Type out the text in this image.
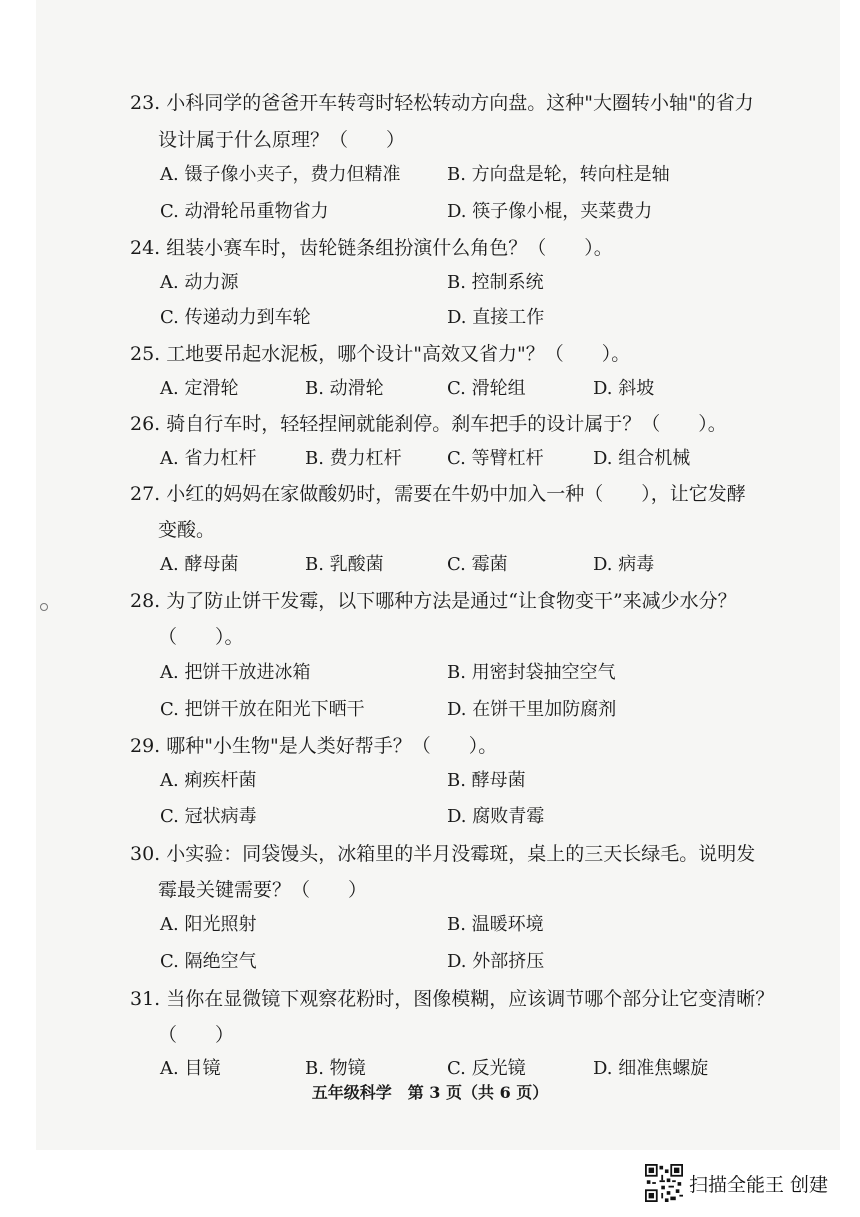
23. 小科同学的爸爸开车转弯时轻松转动方向盘。这种"大圈转小轴"的省力
设计属于什么原理？（　　）
A. 镊子像小夹子，费力但精准	B. 方向盘是轮，转向柱是轴
C. 动滑轮吊重物省力	D. 筷子像小棍，夹菜费力
24. 组装小赛车时，齿轮链条组扮演什么角色？（　　）。
A. 动力源	B. 控制系统
C. 传递动力到车轮	D. 直接工作
25. 工地要吊起水泥板，哪个设计"高效又省力"？（　　）。
A. 定滑轮	B. 动滑轮	C. 滑轮组	D. 斜坡
26. 骑自行车时，轻轻捏闸就能刹停。刹车把手的设计属于？（　　）。
A. 省力杠杆	B. 费力杠杆	C. 等臂杠杆	D. 组合机械
27. 小红的妈妈在家做酸奶时，需要在牛奶中加入一种（　　），让它发酵
变酸。
A. 酵母菌	B. 乳酸菌	C. 霉菌	D. 病毒
28. 为了防止饼干发霉，以下哪种方法是通过“让食物变干”来减少水分？
（　　）。
A. 把饼干放进冰箱	B. 用密封袋抽空空气
C. 把饼干放在阳光下晒干	D. 在饼干里加防腐剂
29. 哪种"小生物"是人类好帮手？（　　）。
A. 痢疾杆菌	B. 酵母菌
C. 冠状病毒	D. 腐败青霉
30. 小实验：同袋馒头，冰箱里的半月没霉斑，桌上的三天长绿毛。说明发
霉最关键需要？（　　）
A. 阳光照射	B. 温暖环境
C. 隔绝空气	D. 外部挤压
31. 当你在显微镜下观察花粉时，图像模糊，应该调节哪个部分让它变清晰？
（　　）
A. 目镜	B. 物镜	C. 反光镜	D. 细准焦螺旋
五年级科学　第 3 页（共 6 页）
扫描全能王 创建
